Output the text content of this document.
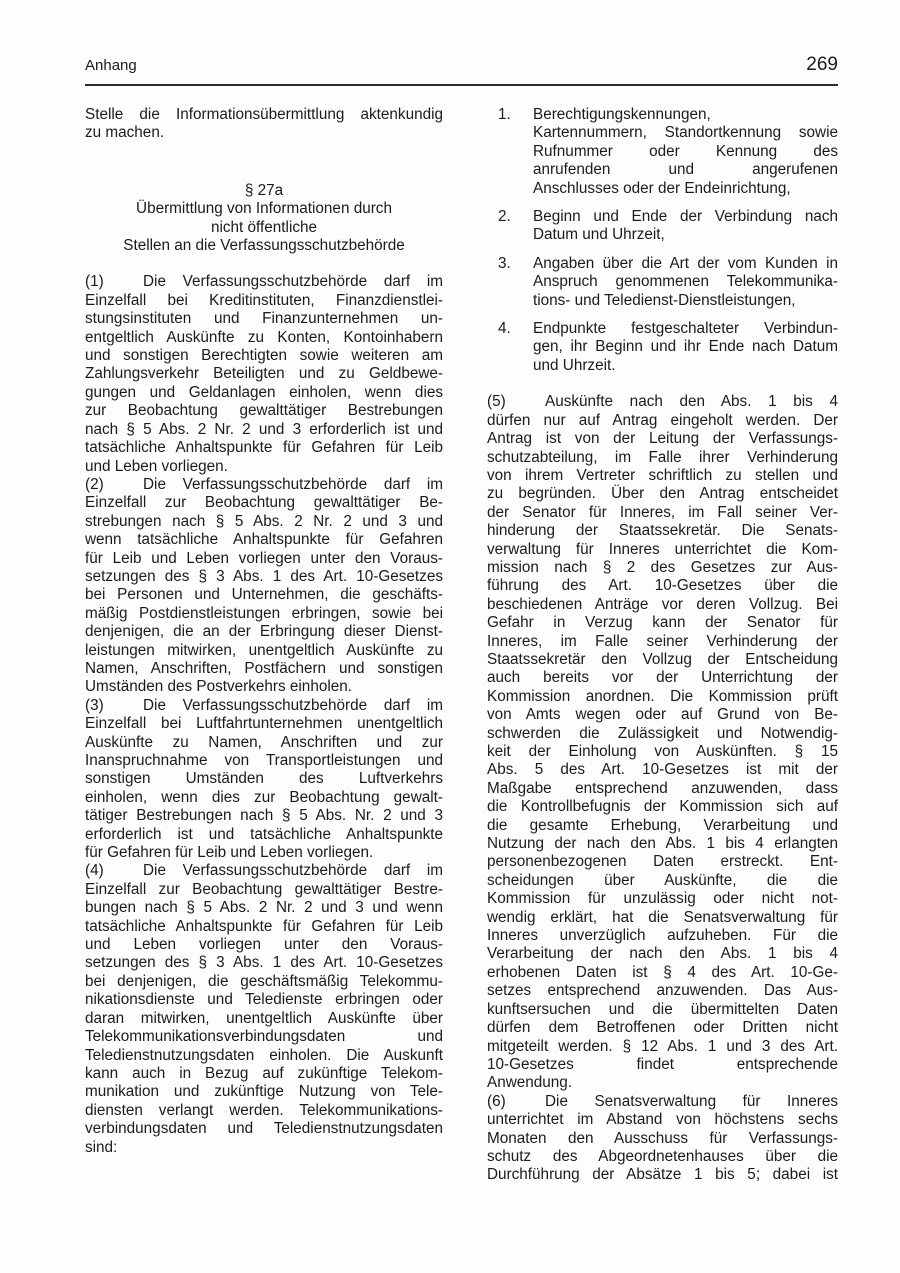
Anhang	269
Stelle die Informationsübermittlung aktenkundig
zu machen.
§ 27a
Übermittlung von Informationen durch
nicht öffentliche
Stellen an die Verfassungsschutzbehörde
(1)	Die Verfassungsschutzbehörde darf im
Einzelfall bei Kreditinstituten, Finanzdienstlei-
stungsinstituten und Finanzunternehmen un-
entgeltlich Auskünfte zu Konten, Kontoinhabern
und sonstigen Berechtigten sowie weiteren am
Zahlungsverkehr Beteiligten und zu Geldbewe-
gungen und Geldanlagen einholen, wenn dies
zur Beobachtung gewalttätiger Bestrebungen
nach § 5 Abs. 2 Nr. 2 und 3 erforderlich ist und
tatsächliche Anhaltspunkte für Gefahren für Leib
und Leben vorliegen.
(2)	Die Verfassungsschutzbehörde darf im
Einzelfall zur Beobachtung gewalttätiger Be-
strebungen nach § 5 Abs. 2 Nr. 2 und 3 und
wenn tatsächliche Anhaltspunkte für Gefahren
für Leib und Leben vorliegen unter den Voraus-
setzungen des § 3 Abs. 1 des Art. 10-Gesetzes
bei Personen und Unternehmen, die geschäfts-
mäßig Postdienstleistungen erbringen, sowie bei
denjenigen, die an der Erbringung dieser Dienst-
leistungen mitwirken, unentgeltlich Auskünfte zu
Namen, Anschriften, Postfächern und sonstigen
Umständen des Postverkehrs einholen.
(3)	Die Verfassungsschutzbehörde darf im
Einzelfall bei Luftfahrtunternehmen unentgeltlich
Auskünfte zu Namen, Anschriften und zur
Inanspruchnahme von Transportleistungen und
sonstigen Umständen des Luftverkehrs
einholen, wenn dies zur Beobachtung gewalt-
tätiger Bestrebungen nach § 5 Abs. Nr. 2 und 3
erforderlich ist und tatsächliche Anhaltspunkte
für Gefahren für Leib und Leben vorliegen.
(4)	Die Verfassungsschutzbehörde darf im
Einzelfall zur Beobachtung gewalttätiger Bestre-
bungen nach § 5 Abs. 2 Nr. 2 und 3 und wenn
tatsächliche Anhaltspunkte für Gefahren für Leib
und Leben vorliegen unter den Voraus-
setzungen des § 3 Abs. 1 des Art. 10-Gesetzes
bei denjenigen, die geschäftsmäßig Telekommu-
nikationsdienste und Teledienste erbringen oder
daran mitwirken, unentgeltlich Auskünfte über
Telekommunikationsverbindungsdaten und
Teledienstnutzungsdaten einholen. Die Auskunft
kann auch in Bezug auf zukünftige Telekom-
munikation und zukünftige Nutzung von Tele-
diensten verlangt werden. Telekommunikations-
verbindungsdaten und Teledienstnutzungsdaten
sind:
1.	Berechtigungskennungen,
Kartennummern, Standortkennung sowie
Rufnummer oder Kennung des
anrufenden und angerufenen
Anschlusses oder der Endeinrichtung,
2.	Beginn und Ende der Verbindung nach
Datum und Uhrzeit,
3.	Angaben über die Art der vom Kunden in
Anspruch genommenen Telekommunika-
tions- und Teledienst-Dienstleistungen,
4.	Endpunkte festgeschalteter Verbindun-
gen, ihr Beginn und ihr Ende nach Datum
und Uhrzeit.
(5)	Auskünfte nach den Abs. 1 bis 4
dürfen nur auf Antrag eingeholt werden. Der
Antrag ist von der Leitung der Verfassungs-
schutzabteilung, im Falle ihrer Verhinderung
von ihrem Vertreter schriftlich zu stellen und
zu begründen. Über den Antrag entscheidet
der Senator für Inneres, im Fall seiner Ver-
hinderung der Staatssekretär. Die Senats-
verwaltung für Inneres unterrichtet die Kom-
mission nach § 2 des Gesetzes zur Aus-
führung des Art. 10-Gesetzes über die
beschiedenen Anträge vor deren Vollzug. Bei
Gefahr in Verzug kann der Senator für
Inneres, im Falle seiner Verhinderung der
Staatssekretär den Vollzug der Entscheidung
auch bereits vor der Unterrichtung der
Kommission anordnen. Die Kommission prüft
von Amts wegen oder auf Grund von Be-
schwerden die Zulässigkeit und Notwendig-
keit der Einholung von Auskünften. § 15
Abs. 5 des Art. 10-Gesetzes ist mit der
Maßgabe entsprechend anzuwenden, dass
die Kontrollbefugnis der Kommission sich auf
die gesamte Erhebung, Verarbeitung und
Nutzung der nach den Abs. 1 bis 4 erlangten
personenbezogenen Daten erstreckt. Ent-
scheidungen über Auskünfte, die die
Kommission für unzulässig oder nicht not-
wendig erklärt, hat die Senatsverwaltung für
Inneres unverzüglich aufzuheben. Für die
Verarbeitung der nach den Abs. 1 bis 4
erhobenen Daten ist § 4 des Art. 10-Ge-
setzes entsprechend anzuwenden. Das Aus-
kunftsersuchen und die übermittelten Daten
dürfen dem Betroffenen oder Dritten nicht
mitgeteilt werden. § 12 Abs. 1 und 3 des Art.
10-Gesetzes findet entsprechende
Anwendung.
(6)	Die Senatsverwaltung für Inneres
unterrichtet im Abstand von höchstens sechs
Monaten den Ausschuss für Verfassungs-
schutz des Abgeordnetenhauses über die
Durchführung der Absätze 1 bis 5; dabei ist
